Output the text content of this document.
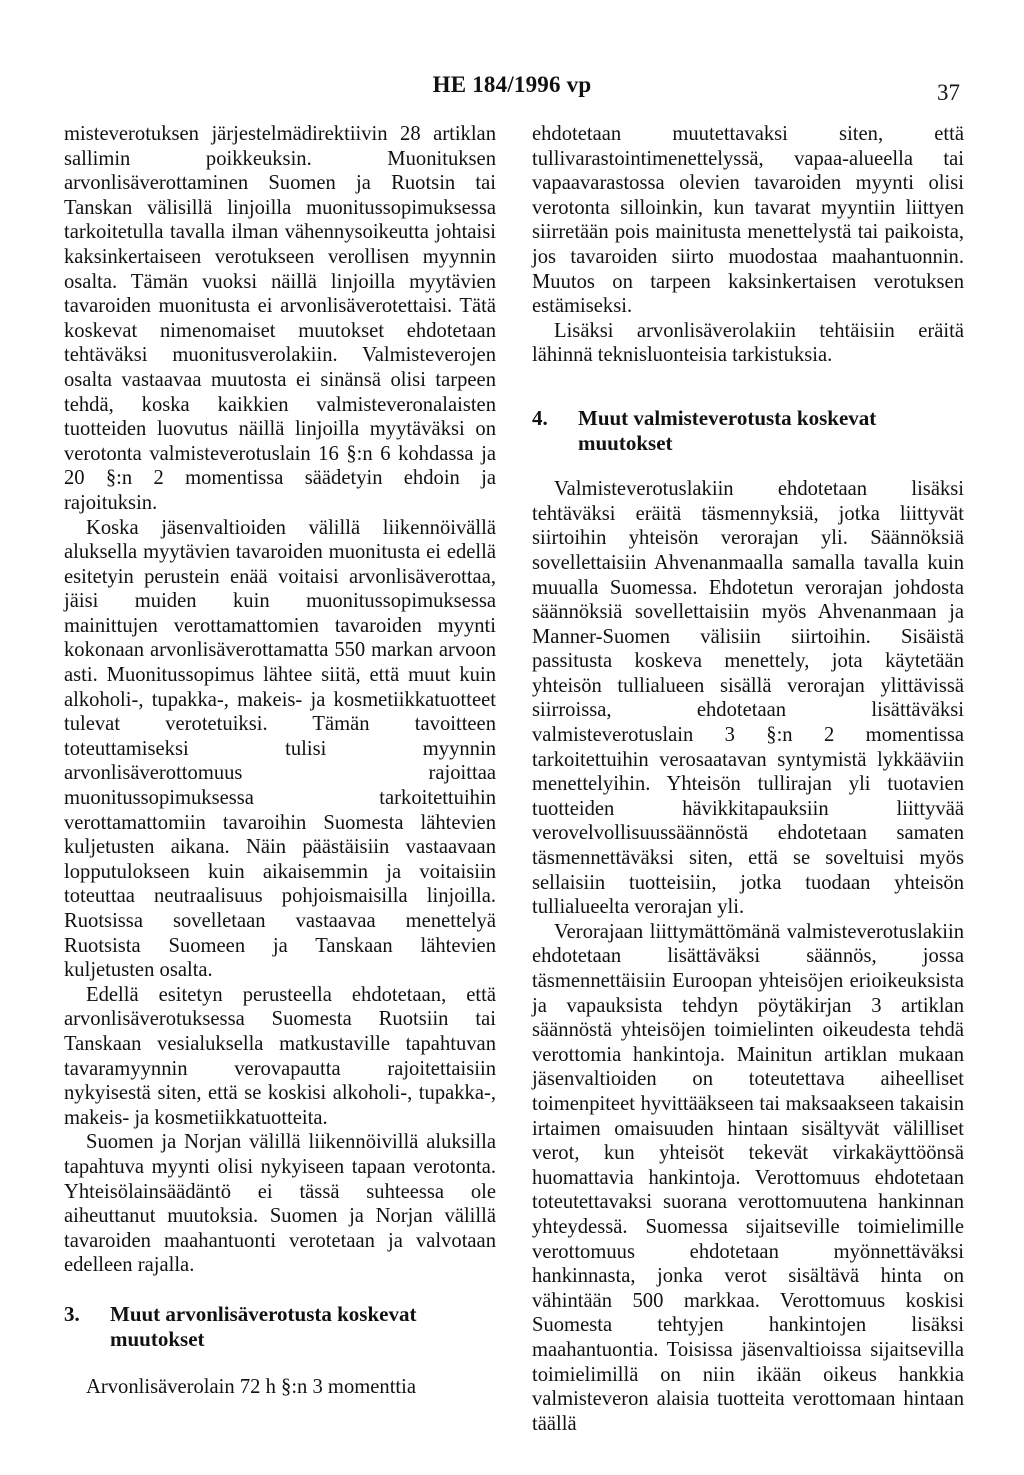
HE 184/1996 vp	37

misteverotuksen järjestelmädirektiivin 28 artiklan sallimin poikkeuksin. Muonituksen arvonlisäverottaminen Suomen ja Ruotsin tai Tanskan välisillä linjoilla muonitussopimuksessa tarkoitetulla tavalla ilman vähennysoikeutta johtaisi kaksinkertaiseen verotukseen verollisen myynnin osalta. Tämän vuoksi näillä linjoilla myytävien tavaroiden muonitusta ei arvonlisäverotettaisi. Tätä koskevat nimenomaiset muutokset ehdotetaan tehtäväksi muonitusverolakiin. Valmisteverojen osalta vastaavaa muutosta ei sinänsä olisi tarpeen tehdä, koska kaikkien valmisteveronalaisten tuotteiden luovutus näillä linjoilla myytäväksi on verotonta valmisteverotuslain 16 §:n 6 kohdassa ja 20 §:n 2 momentissa säädetyin ehdoin ja rajoituksin.

Koska jäsenvaltioiden välillä liikennöivällä aluksella myytävien tavaroiden muonitusta ei edellä esitetyin perustein enää voitaisi arvonlisäverottaa, jäisi muiden kuin muonitussopimuksessa mainittujen verottamattomien tavaroiden myynti kokonaan arvonlisäverottamatta 550 markan arvoon asti. Muonitussopimus lähtee siitä, että muut kuin alkoholi-, tupakka-, makeis- ja kosmetiikkatuotteet tulevat verotetuiksi. Tämän tavoitteen toteuttamiseksi tulisi myynnin arvonlisäverottomuus rajoittaa muonitussopimuksessa tarkoitettuihin verottamattomiin tavaroihin Suomesta lähtevien kuljetusten aikana. Näin päästäisiin vastaavaan lopputulokseen kuin aikaisemmin ja voitaisiin toteuttaa neutraalisuus pohjoismaisilla linjoilla. Ruotsissa sovelletaan vastaavaa menettelyä Ruotsista Suomeen ja Tanskaan lähtevien kuljetusten osalta.

Edellä esitetyn perusteella ehdotetaan, että arvonlisäverotuksessa Suomesta Ruotsiin tai Tanskaan vesialuksella matkustaville tapahtuvan tavaramyynnin verovapautta rajoitettaisiin nykyisestä siten, että se koskisi alkoholi-, tupakka-, makeis- ja kosmetiikkatuotteita.

Suomen ja Norjan välillä liikennöivillä aluksilla tapahtuva myynti olisi nykyiseen tapaan verotonta. Yhteisölainsäädäntö ei tässä suhteessa ole aiheuttanut muutoksia. Suomen ja Norjan välillä tavaroiden maahantuonti verotetaan ja valvotaan edelleen rajalla.

3.	Muut arvonlisäverotusta koskevat muutokset

Arvonlisäverolain 72 h §:n 3 momenttia

ehdotetaan muutettavaksi siten, että tullivarastointimenettelyssä, vapaa-alueella tai vapaavarastossa olevien tavaroiden myynti olisi verotonta silloinkin, kun tavarat myyntiin liittyen siirretään pois mainitusta menettelystä tai paikoista, jos tavaroiden siirto muodostaa maahantuonnin. Muutos on tarpeen kaksinkertaisen verotuksen estämiseksi.

Lisäksi arvonlisäverolakiin tehtäisiin eräitä lähinnä teknisluonteisia tarkistuksia.

4.	Muut valmisteverotusta koskevat muutokset

Valmisteverotuslakiin ehdotetaan lisäksi tehtäväksi eräitä täsmennyksiä, jotka liittyvät siirtoihin yhteisön verorajan yli. Säännöksiä sovellettaisiin Ahvenanmaalla samalla tavalla kuin muualla Suomessa. Ehdotetun verorajan johdosta säännöksiä sovellettaisiin myös Ahvenanmaan ja Manner-Suomen välisiin siirtoihin. Sisäistä passitusta koskeva menettely, jota käytetään yhteisön tullialueen sisällä verorajan ylittävissä siirroissa, ehdotetaan lisättäväksi valmisteverotuslain 3 §:n 2 momentissa tarkoitettuihin verosaatavan syntymistä lykkääviin menettelyihin. Yhteisön tullirajan yli tuotavien tuotteiden hävikkitapauksiin liittyvää verovelvollisuussäännöstä ehdotetaan samaten täsmennettäväksi siten, että se soveltuisi myös sellaisiin tuotteisiin, jotka tuodaan yhteisön tullialueelta verorajan yli.

Verorajaan liittymättömänä valmisteverotuslakiin ehdotetaan lisättäväksi säännös, jossa täsmennettäisiin Euroopan yhteisöjen erioikeuksista ja vapauksista tehdyn pöytäkirjan 3 artiklan säännöstä yhteisöjen toimielinten oikeudesta tehdä verottomia hankintoja. Mainitun artiklan mukaan jäsenvaltioiden on toteutettava aiheelliset toimenpiteet hyvittääkseen tai maksaakseen takaisin irtaimen omaisuuden hintaan sisältyvät välilliset verot, kun yhteisöt tekevät virkakäyttöönsä huomattavia hankintoja. Verottomuus ehdotetaan toteutettavaksi suorana verottomuutena hankinnan yhteydessä. Suomessa sijaitseville toimielimille verottomuus ehdotetaan myönnettäväksi hankinnasta, jonka verot sisältävä hinta on vähintään 500 markkaa. Verottomuus koskisi Suomesta tehtyjen hankintojen lisäksi maahantuontia. Toisissa jäsenvaltioissa sijaitsevilla toimielimillä on niin ikään oikeus hankkia valmisteveron alaisia tuotteita verottomaan hintaan täällä
